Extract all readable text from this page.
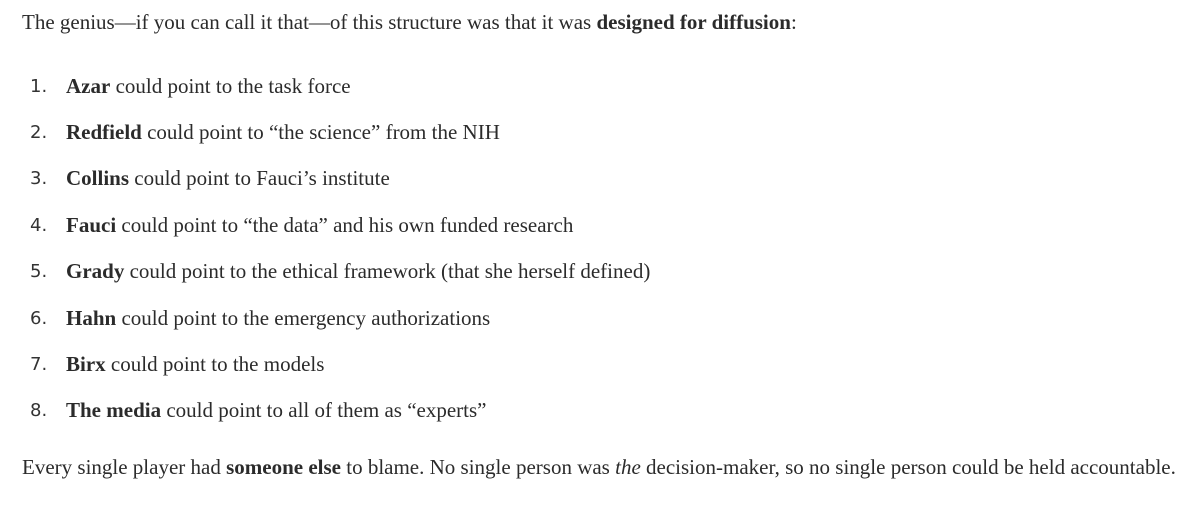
The genius—if you can call it that—of this structure was that it was designed for diffusion:

1. Azar could point to the task force
2. Redfield could point to “the science” from the NIH
3. Collins could point to Fauci’s institute
4. Fauci could point to “the data” and his own funded research
5. Grady could point to the ethical framework (that she herself defined)
6. Hahn could point to the emergency authorizations
7. Birx could point to the models
8. The media could point to all of them as “experts”

Every single player had someone else to blame. No single person was the decision-maker, so no single person could be held accountable.
